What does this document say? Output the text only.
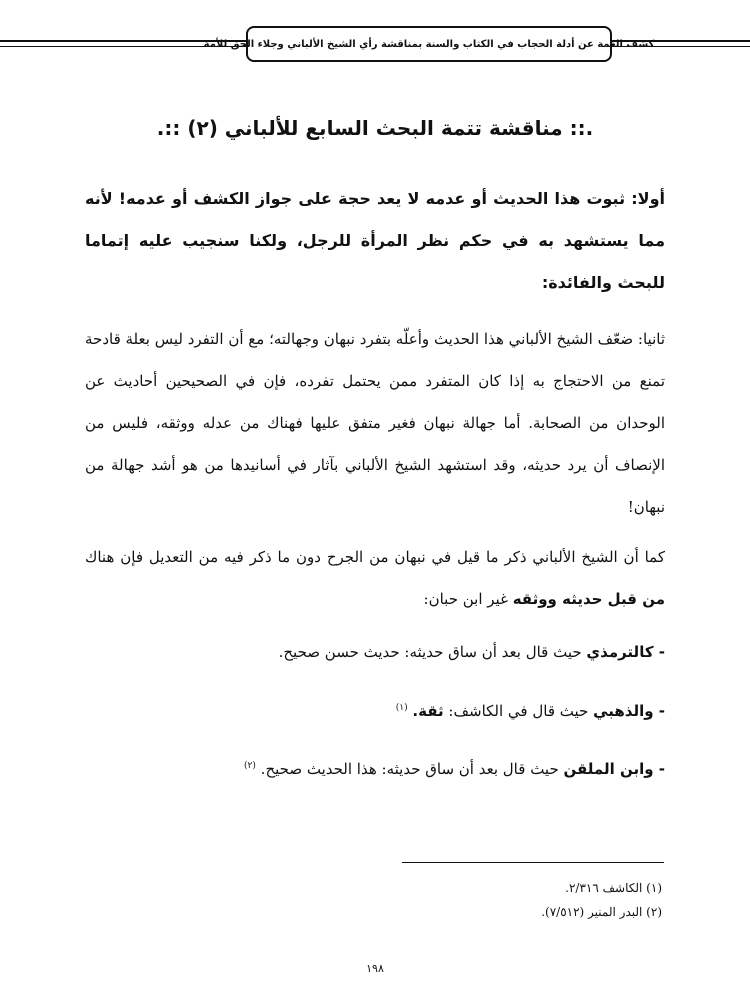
كشف الغمة عن أدلة الحجاب في الكتاب والسنة بمناقشة رأي الشيخ الألباني وجلاء الحق للأمة
.:: مناقشة تتمة البحث السابع للألباني (٢) ::.
أولا: ثبوت هذا الحديث أو عدمه لا يعد حجة على جواز الكشف أو عدمه! لأنه مما يستشهد به في حكم نظر المرأة للرجل، ولكنا سنجيب عليه إتماما للبحث والفائدة:
ثانيا: ضعّف الشيخ الألباني هذا الحديث وأعلّه بتفرد نبهان وجهالته؛ مع أن التفرد ليس بعلة قادحة تمنع من الاحتجاج به إذا كان المتفرد ممن يحتمل تفرده، فإن في الصحيحين أحاديث عن الوحدان من الصحابة. أما جهالة نبهان فغير متفق عليها فهناك من عدله ووثقه، فليس من الإنصاف أن يرد حديثه، وقد استشهد الشيخ الألباني بآثار في أسانيدها من هو أشد جهالة من نبهان!
كما أن الشيخ الألباني ذكر ما قيل في نبهان من الجرح دون ما ذكر فيه من التعديل فإن هناك من قبل حديثه ووثقه غير ابن حبان:
- كالترمذي حيث قال بعد أن ساق حديثه: حديث حسن صحيح.
- والذهبي حيث قال في الكاشف: ثقة. $^{(١)}$
- وابن الملقن حيث قال بعد أن ساق حديثه: هذا الحديث صحيح. $^{(٢)}$
(١) الكاشف ٢/٣١٦.
(٢) البدر المنير (٧/٥١٢).
١٩٨
